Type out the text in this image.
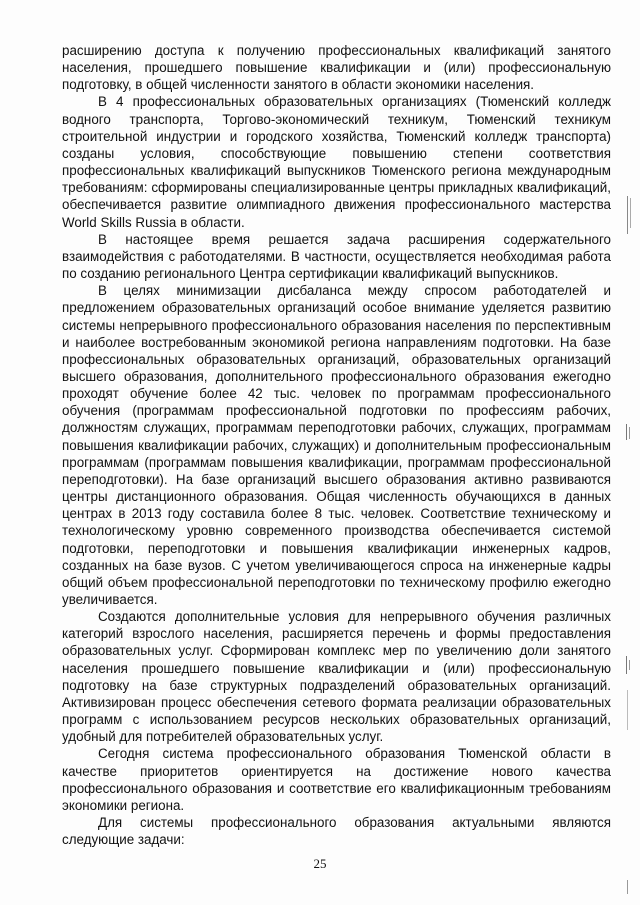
расширению доступа к получению профессиональных квалификаций занятого населения, прошедшего повышение квалификации и (или) профессиональную подготовку, в общей численности занятого в области экономики населения.

В 4 профессиональных образовательных организациях (Тюменский колледж водного транспорта, Торгово-экономический техникум, Тюменский техникум строительной индустрии и городского хозяйства, Тюменский колледж транспорта) созданы условия, способствующие повышению степени соответствия профессиональных квалификаций выпускников Тюменского региона международным требованиям: сформированы специализированные центры прикладных квалификаций, обеспечивается развитие олимпиадного движения профессионального мастерства World Skills Russia в области.

В настоящее время решается задача расширения содержательного взаимодействия с работодателями. В частности, осуществляется необходимая работа по созданию регионального Центра сертификации квалификаций выпускников.

В целях минимизации дисбаланса между спросом работодателей и предложением образовательных организаций особое внимание уделяется развитию системы непрерывного профессионального образования населения по перспективным и наиболее востребованным экономикой региона направлениям подготовки. На базе профессиональных образовательных организаций, образовательных организаций высшего образования, дополнительного профессионального образования ежегодно проходят обучение более 42 тыс. человек по программам профессионального обучения (программам профессиональной подготовки по профессиям рабочих, должностям служащих, программам переподготовки рабочих, служащих, программам повышения квалификации рабочих, служащих) и дополнительным профессиональным программам (программам повышения квалификации, программам профессиональной переподготовки). На базе организаций высшего образования активно развиваются центры дистанционного образования. Общая численность обучающихся в данных центрах в 2013 году составила более 8 тыс. человек. Соответствие техническому и технологическому уровню современного производства обеспечивается системой подготовки, переподготовки и повышения квалификации инженерных кадров, созданных на базе вузов. С учетом увеличивающегося спроса на инженерные кадры общий объем профессиональной переподготовки по техническому профилю ежегодно увеличивается.

Создаются дополнительные условия для непрерывного обучения различных категорий взрослого населения, расширяется перечень и формы предоставления образовательных услуг. Сформирован комплекс мер по увеличению доли занятого населения прошедшего повышение квалификации и (или) профессиональную подготовку на базе структурных подразделений образовательных организаций. Активизирован процесс обеспечения сетевого формата реализации образовательных программ с использованием ресурсов нескольких образовательных организаций, удобный для потребителей образовательных услуг.

Сегодня система профессионального образования Тюменской области в качестве приоритетов ориентируется на достижение нового качества профессионального образования и соответствие его квалификационным требованиям экономики региона.

Для системы профессионального образования актуальными являются следующие задачи:

25
